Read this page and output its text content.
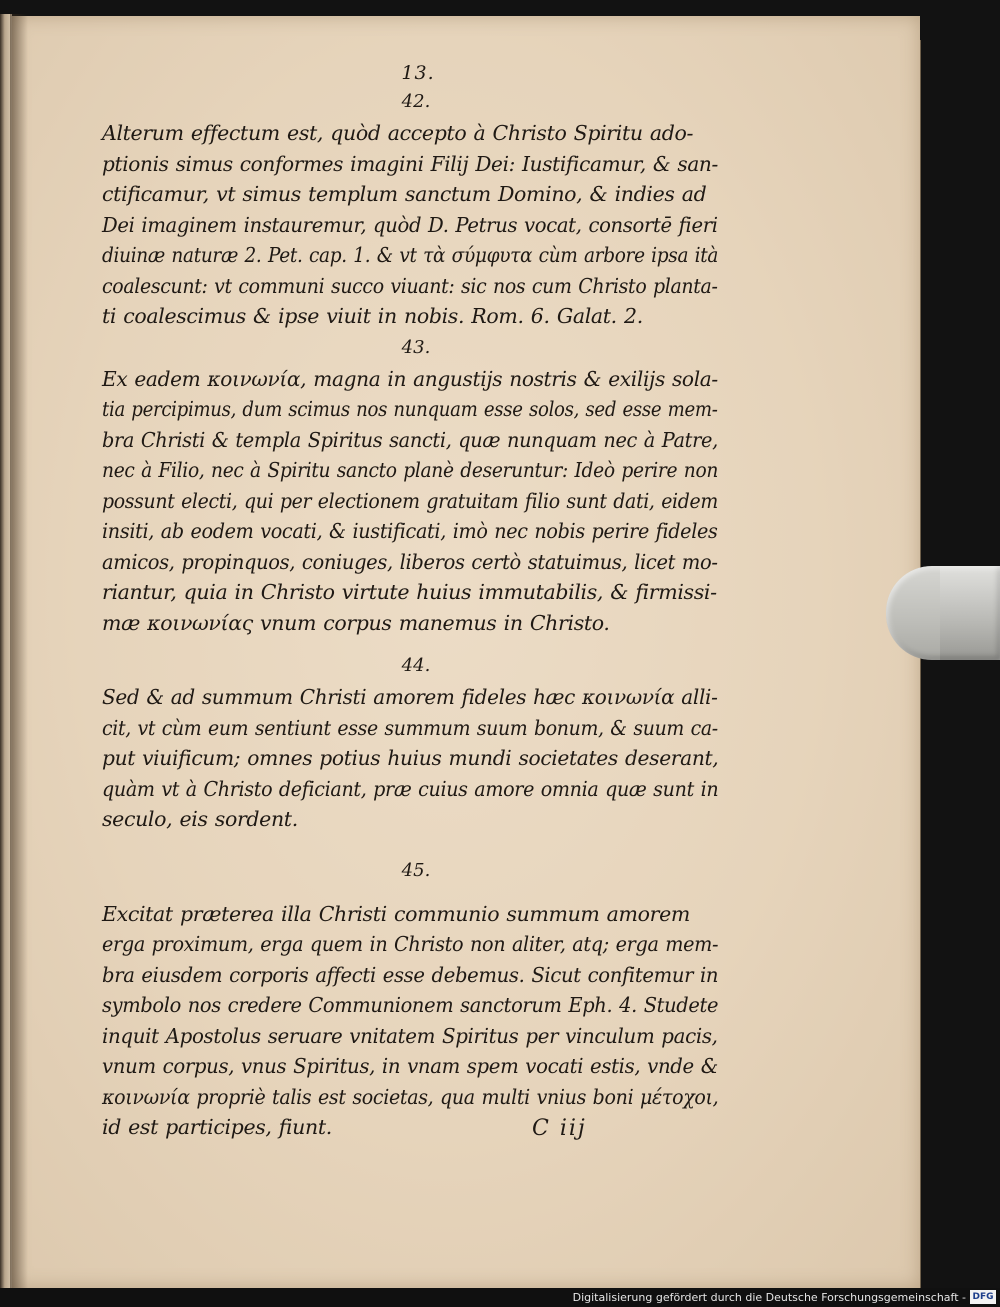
13.
42.
Alterum effectum est, quòd accepto à Christo Spiritu ado-
ptionis simus conformes imagini Filij Dei: Iustificamur, & san-
ctificamur, vt simus templum sanctum Domino, & indies ad
Dei imaginem instauremur, quòd D. Petrus vocat, consortē fieri
diuinæ naturæ 2. Pet. cap. 1. & vt τὰ σύμφυτα cùm arbore ipsa ità
coalescunt: vt communi succo viuant: sic nos cum Christo planta-
ti coalescimus & ipse viuit in nobis. Rom. 6. Galat. 2.
43.
Ex eadem κοινωνία, magna in angustijs nostris & exilijs sola-
tia percipimus, dum scimus nos nunquam esse solos, sed esse mem-
bra Christi & templa Spiritus sancti, quæ nunquam nec à Patre,
nec à Filio, nec à Spiritu sancto planè deseruntur: Ideò perire non
possunt electi, qui per electionem gratuitam filio sunt dati, eidem
insiti, ab eodem vocati, & iustificati, imò nec nobis perire fideles
amicos, propinquos, coniuges, liberos certò statuimus, licet mo-
riantur, quia in Christo virtute huius immutabilis, & firmissi-
mæ κοινωνίας vnum corpus manemus in Christo.
44.
Sed & ad summum Christi amorem fideles hæc κοινωνία alli-
cit, vt cùm eum sentiunt esse summum suum bonum, & suum ca-
put viuificum; omnes potius huius mundi societates deserant,
quàm vt à Christo deficiant, præ cuius amore omnia quæ sunt in
seculo, eis sordent.
45.
Excitat præterea illa Christi communio summum amorem
erga proximum, erga quem in Christo non aliter, atq; erga mem-
bra eiusdem corporis affecti esse debemus. Sicut confitemur in
symbolo nos credere Communionem sanctorum Eph. 4. Studete
inquit Apostolus seruare vnitatem Spiritus per vinculum pacis,
vnum corpus, vnus Spiritus, in vnam spem vocati estis, vnde &
κοινωνία propriè talis est societas, qua multi vnius boni μέτοχοι,
id est participes, fiunt.	C iij
Digitalisierung gefördert durch die Deutsche Forschungsgemeinschaft - DFG
